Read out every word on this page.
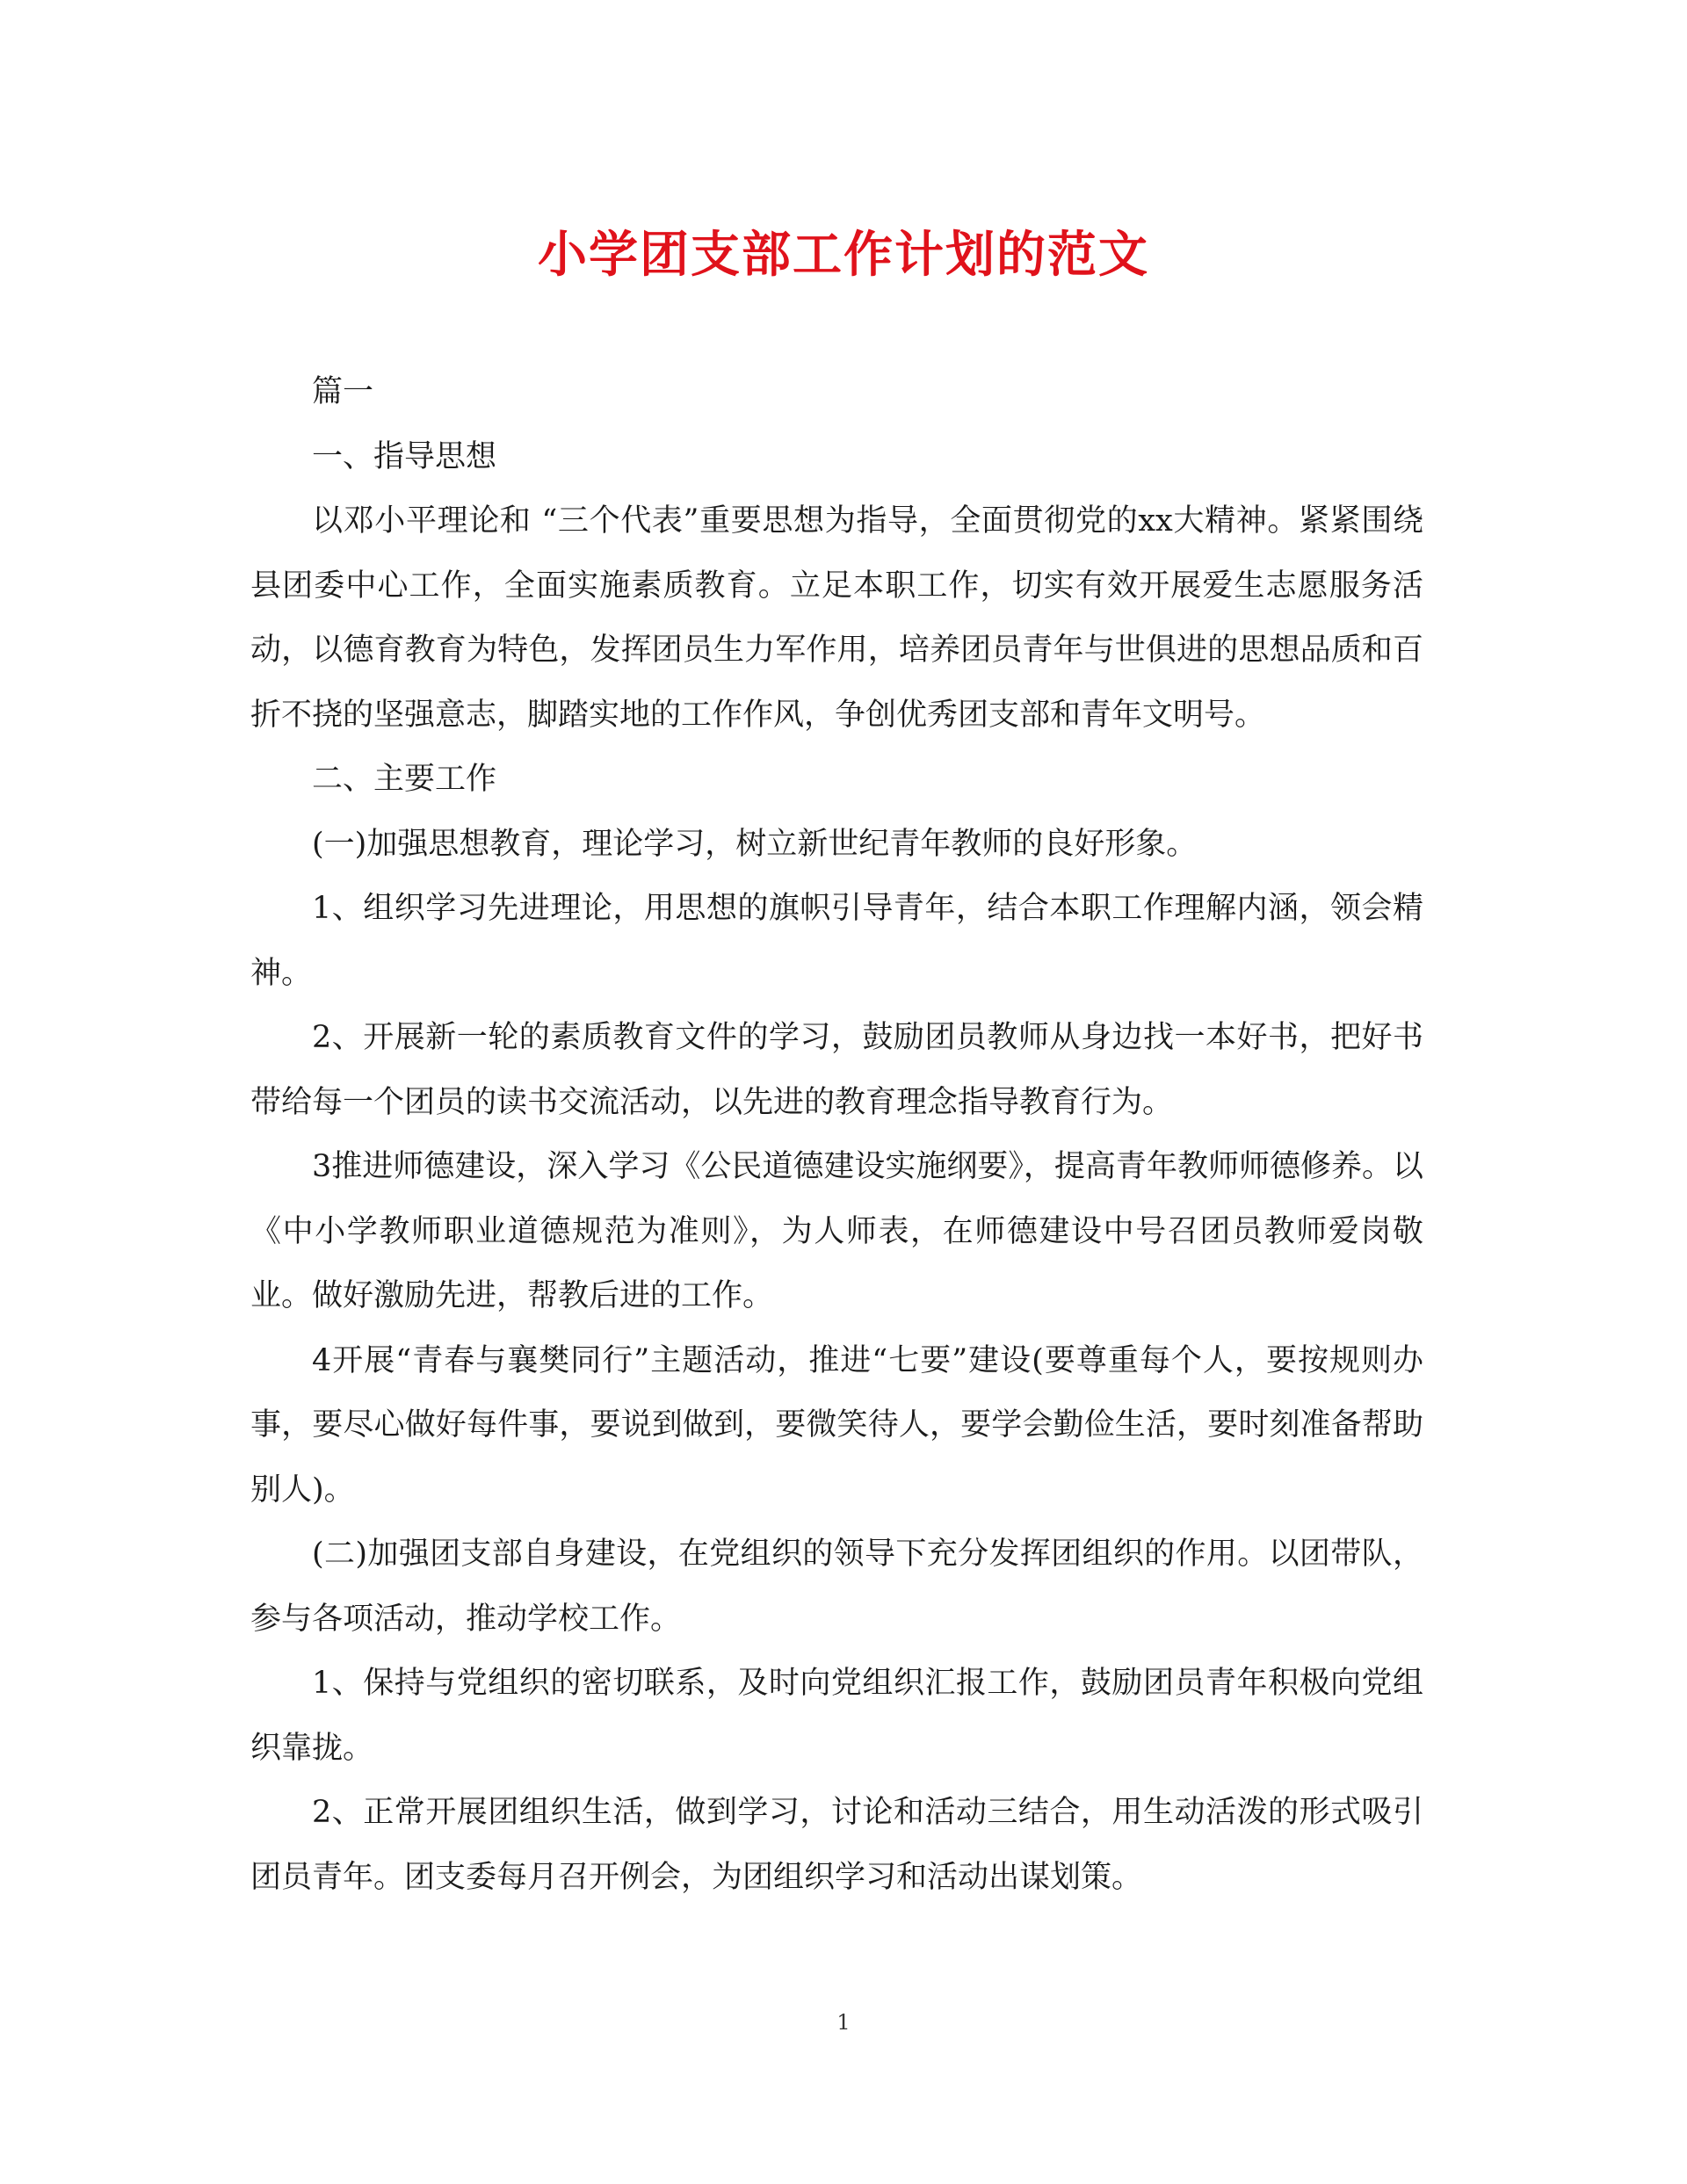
小学团支部工作计划的范文

篇一

一、指导思想

以邓小平理论和 “三个代表”重要思想为指导，全面贯彻党的xx大精神。紧紧围绕县团委中心工作，全面实施素质教育。立足本职工作，切实有效开展爱生志愿服务活动，以德育教育为特色，发挥团员生力军作用，培养团员青年与世俱进的思想品质和百折不挠的坚强意志，脚踏实地的工作作风，争创优秀团支部和青年文明号。

二、主要工作

(一)加强思想教育，理论学习，树立新世纪青年教师的良好形象。

1、组织学习先进理论，用思想的旗帜引导青年，结合本职工作理解内涵，领会精神。

2、开展新一轮的素质教育文件的学习，鼓励团员教师从身边找一本好书，把好书带给每一个团员的读书交流活动，以先进的教育理念指导教育行为。

3推进师德建设，深入学习《公民道德建设实施纲要》，提高青年教师师德修养。以《中小学教师职业道德规范为准则》，为人师表，在师德建设中号召团员教师爱岗敬业。做好激励先进，帮教后进的工作。

4开展“青春与襄樊同行”主题活动，推进“七要”建设(要尊重每个人，要按规则办事，要尽心做好每件事，要说到做到，要微笑待人，要学会勤俭生活，要时刻准备帮助别人)。

(二)加强团支部自身建设，在党组织的领导下充分发挥团组织的作用。以团带队，参与各项活动，推动学校工作。

1、保持与党组织的密切联系，及时向党组织汇报工作，鼓励团员青年积极向党组织靠拢。

2、正常开展团组织生活，做到学习，讨论和活动三结合，用生动活泼的形式吸引团员青年。团支委每月召开例会，为团组织学习和活动出谋划策。

1
